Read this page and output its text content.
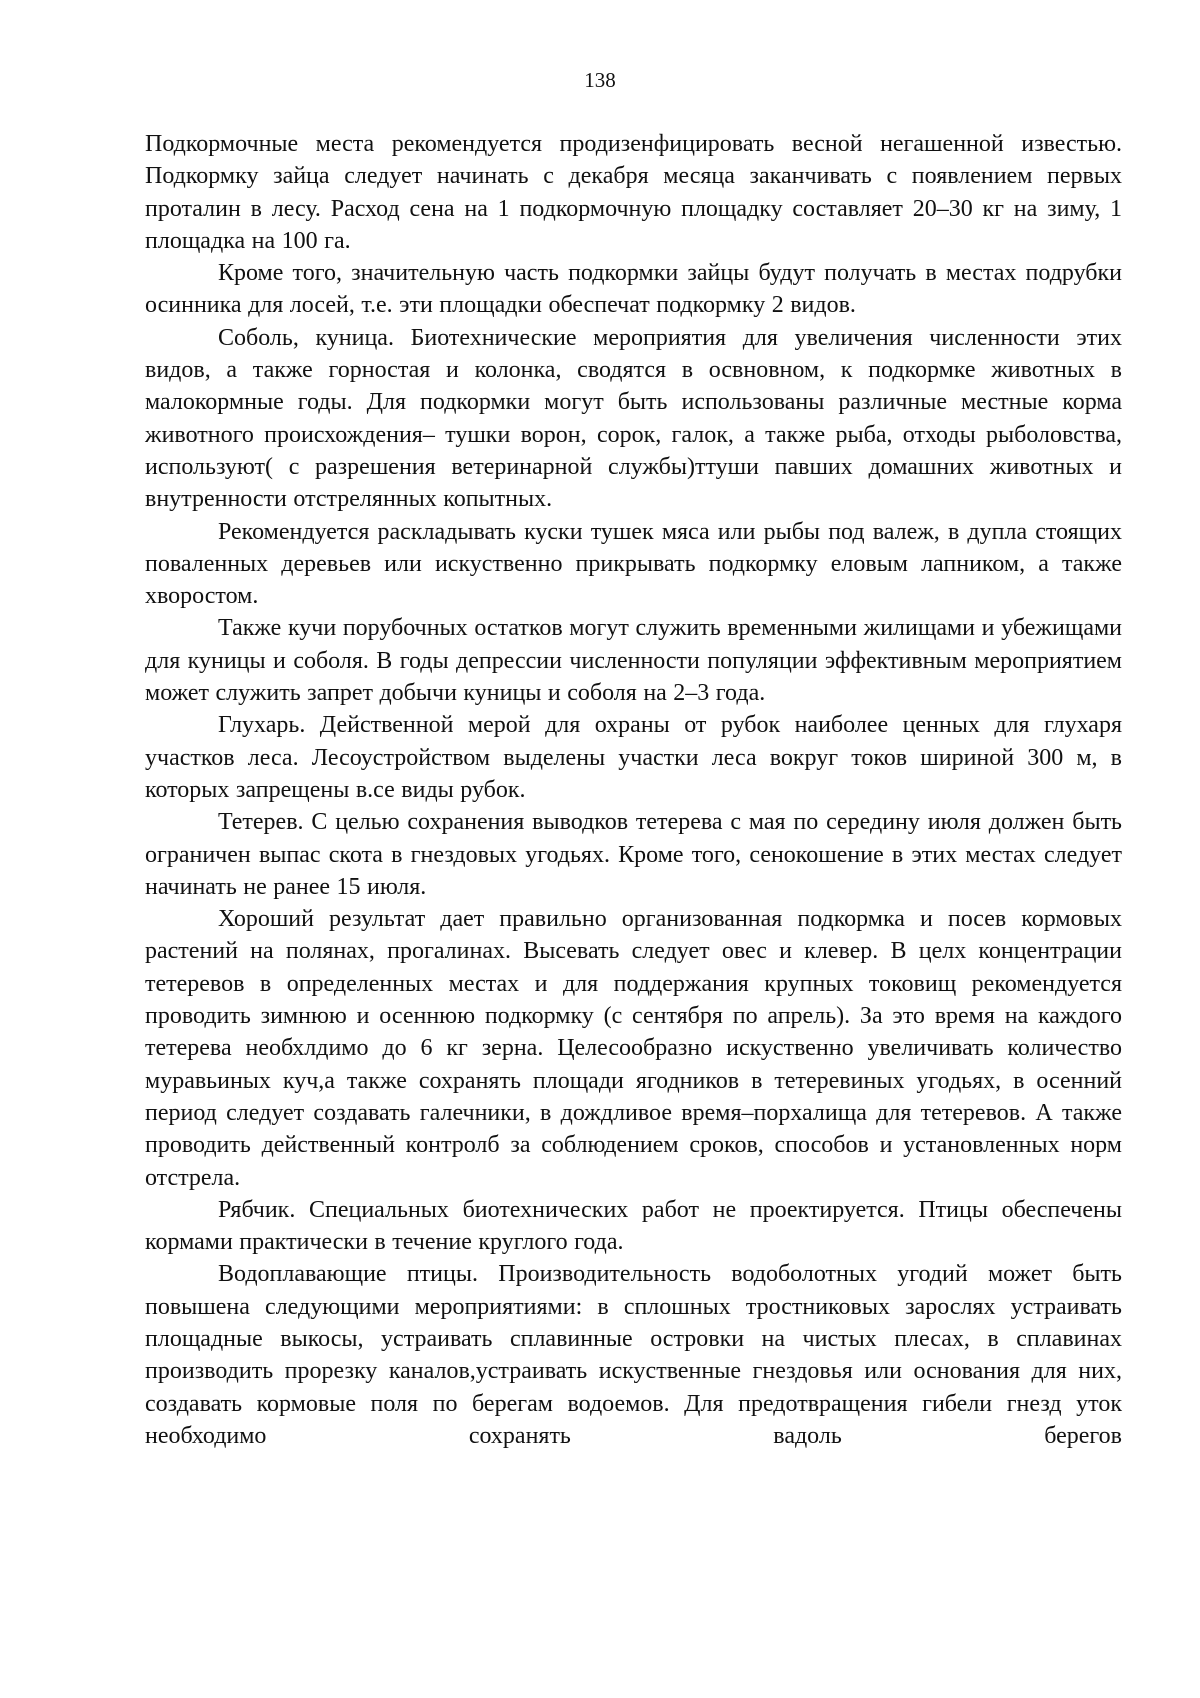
138

Подкормочные места рекомендуется продизенфицировать весной негашенной известью. Подкормку зайца следует начинать с декабря месяца заканчивать с появлением первых проталин в лесу. Расход сена на 1 подкормочную площадку составляет 20–30 кг на зиму, 1 площадка на 100 га.

Кроме того, значительную часть подкормки зайцы будут получать в местах подрубки осинника для лосей, т.е. эти площадки обеспечат подкормку 2 видов.

Соболь, куница. Биотехнические мероприятия для увеличения численности этих видов, а также горностая и колонка, сводятся в освновном, к подкормке животных в малокормные годы. Для подкормки могут быть использованы различные местные корма животного происхождения– тушки ворон, сорок, галок, а также рыба, отходы рыболовства, используют( с разрешения ветеринарной службы)ттуши павших домашних животных и внутренности отстрелянных копытных.

Рекомендуется раскладывать куски тушек мяса или рыбы под валеж, в дупла стоящих поваленных деревьев или искуственно прикрывать подкормку еловым лапником, а также хворостом.

Также кучи порубочных остатков могут служить временными жилищами и убежищами для куницы и соболя. В годы депрессии численности популяции эффективным мероприятием может служить запрет добычи куницы и соболя на 2–3 года.

Глухарь. Действенной мерой для охраны от рубок наиболее ценных для глухаря участков леса. Лесоустройством выделены участки леса вокруг токов шириной 300 м, в которых запрещены в.се виды рубок.

Тетерев. С целью сохранения выводков тетерева с мая по середину июля должен быть ограничен выпас скота в гнездовых угодьях. Кроме того, сенокошение в этих местах следует начинать не ранее 15 июля.

Хороший результат дает правильно организованная подкормка и посев кормовых растений на полянах, прогалинах. Высевать следует овес и клевер. В целх концентрации тетеревов в определенных местах и для поддержания крупных токовищ рекомендуется проводить зимнюю и осеннюю подкормку (с сентября по апрель). За это время на каждого тетерева необхлдимо до 6 кг зерна. Целесообразно искуственно увеличивать количество муравьиных куч,а также сохранять площади ягодников в тетеревиных угодьях, в осенний период следует создавать галечники, в дождливое время–порхалища для тетеревов. А также проводить действенный контролб за соблюдением сроков, способов и установленных норм отстрела.

Рябчик. Специальных биотехнических работ не проектируется. Птицы обеспечены кормами практически в течение круглого года.

Водоплавающие птицы. Производительность водоболотных угодий может быть повышена следующими мероприятиями: в сплошных тростниковых зарослях устраивать площадные выкосы, устраивать сплавинные островки на чистых плесах, в сплавинах производить прорезку каналов,устраивать искуственные гнездовья или основания для них, создавать кормовые поля по берегам водоемов. Для предотвращения гибели гнезд уток необходимо сохранять вадоль берегов
